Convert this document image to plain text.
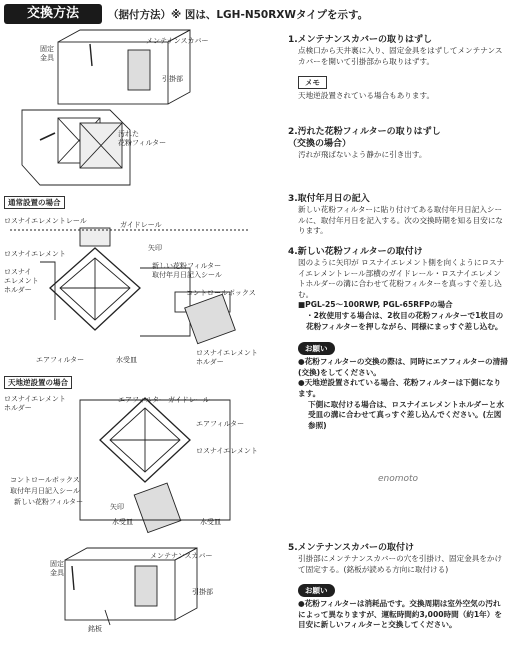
交換方法	（据付方法）※ 図は、LGH-N50RXWタイプを示す。
メンテナンスカバー
固定
金具
引掛部
汚れた
花粉フィルター
通常設置の場合
ロスナイエレメントレール	ガイドレール
矢印
ロスナイエレメント
ロスナイ
エレメント
ホルダー
新しい花粉フィルター
取付年月日記入シール
コントロールボックス
エアフィルター	水受皿
ロスナイエレメント
ホルダー
天地逆設置の場合
ロスナイエレメント
ホルダー
エアフィルター ガイドレール
エアフィルター
ロスナイエレメント
コントロールボックス
取付年月日記入シール
新しい花粉フィルター
水受皿
矢印
水受皿
enomoto
固定
金具
メンテナンスカバー
引掛部
銘板
1.メンテナンスカバーの取りはずし
点検口から天井裏に入り、固定金具をはずしてメンテナンスカバーを開いて引掛部から取りはずす。
メモ
天地逆設置されている場合もあります。
2.汚れた花粉フィルターの取りはずし
（交換の場合）
汚れが飛ばないよう静かに引き出す。
3.取付年月日の記入
新しい花粉フィルターに貼り付けてある取付年月日記入シールに、取付年月日を記入する。次の交換時期を知る目安になります。
4.新しい花粉フィルターの取付け
図のように矢印が ロスナイエレメント側を向くようにロスナイエレメントレール部横のガイドレール・ロスナイエレメントホルダーの溝に合わせて花粉フィルターを真っすぐ差し込む。
■PGL-25〜100RWP, PGL-65RFPの場合
・2枚使用する場合は、2枚目の花粉フィルターで1枚目の花粉フィルターを押しながら、同様にまっすぐ差し込む。
お願い
●花粉フィルターの交換の際は、同時にエアフィルターの清掃(交換)をしてください。
●天地逆設置されている場合、花粉フィルターは下側になります。
下側に取付ける場合は、ロスナイエレメントホルダーと水受皿の溝に合わせて真っすぐ差し込んでください。(左図参照)
5.メンテナンスカバーの取付け
引掛部にメンテナンスカバーの穴を引掛け、固定金具をかけて固定する。(銘板が読める方向に取付ける)
お願い
●花粉フィルターは消耗品です。交換周期は室外空気の汚れによって異なりますが、運転時間約3,000時間（約1年）を目安に新しいフィルターと交換してください。
